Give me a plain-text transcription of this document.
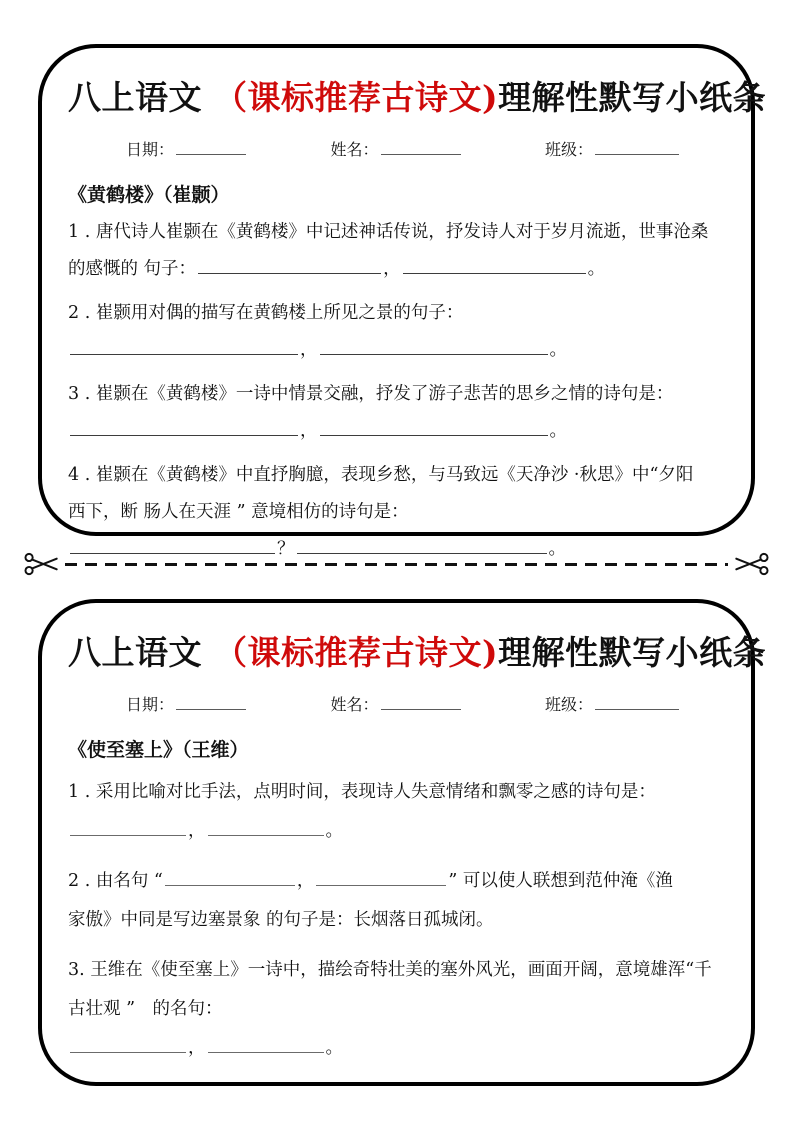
八上语文 （课标推荐古诗文)理解性默写小纸条
日期：	姓名：	班级：
《黄鹤楼》（崔颢）
1 . 唐代诗人崔颢在《黄鹤楼》中记述神话传说，抒发诗人对于岁月流逝，世事沧桑
的感慨的 句子：	，	。
2 . 崔颢用对偶的描写在黄鹤楼上所见之景的句子：
，	。
3 . 崔颢在《黄鹤楼》一诗中情景交融，抒发了游子悲苦的思乡之情的诗句是：
，	。
4 . 崔颢在《黄鹤楼》中直抒胸臆，表现乡愁，与马致远《天净沙 ·秋思》中“夕阳
西下，断 肠人在天涯 ” 意境相仿的诗句是：
？	。
八上语文 （课标推荐古诗文)理解性默写小纸条
日期：	姓名：	班级：
《使至塞上》（王维）
1 . 采用比喻对比手法，点明时间，表现诗人失意情绪和飘零之感的诗句是：
，	。
2 . 由名句 “	，	” 可以使人联想到范仲淹《渔
家傲》中同是写边塞景象 的句子是：长烟落日孤城闭。
3. 王维在《使至塞上》一诗中，描绘奇特壮美的塞外风光，画面开阔，意境雄浑“千
古壮观 ”　的名句：
，	。
